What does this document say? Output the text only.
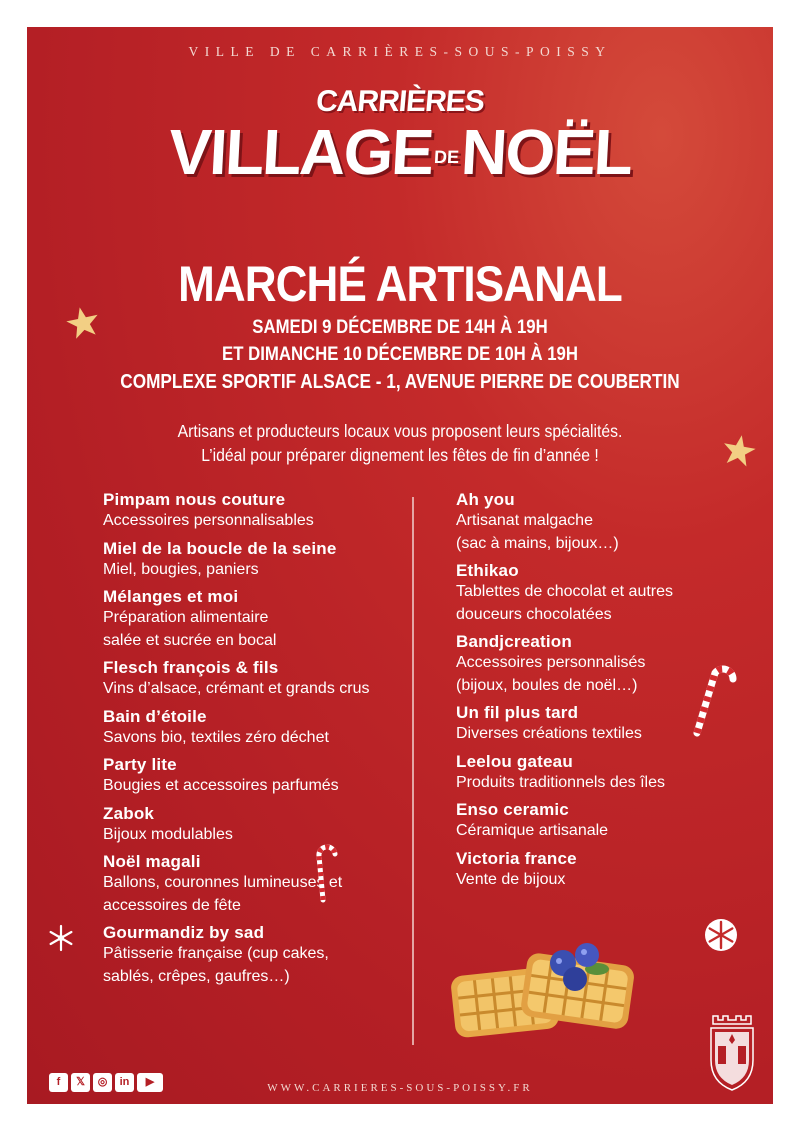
VILLE DE CARRIÈRES-SOUS-POISSY
CARRIÈRES
VILLAGEDENOËL
MARCHÉ ARTISANAL
SAMEDI 9 DÉCEMBRE DE 14H À 19H
ET DIMANCHE 10 DÉCEMBRE DE 10H À 19H
COMPLEXE SPORTIF ALSACE - 1, AVENUE PIERRE DE COUBERTIN
Artisans et producteurs locaux vous proposent leurs spécialités.
L’idéal pour préparer dignement les fêtes de fin d’année !
Pimpam nous couture
Accessoires personnalisables
Miel de la boucle de la seine
Miel, bougies, paniers
Mélanges et moi
Préparation alimentaire
salée et sucrée en bocal
Flesch françois & fils
Vins d’alsace, crémant et grands crus
Bain d’étoile
Savons bio, textiles zéro déchet
Party lite
Bougies et accessoires parfumés
Zabok
Bijoux modulables
Noël magali
Ballons, couronnes lumineuses et
accessoires de fête
Gourmandiz by sad
Pâtisserie française (cup cakes,
sablés, crêpes, gaufres…)
Ah you
Artisanat malgache
(sac à mains, bijoux…)
Ethikao
Tablettes de chocolat et autres
douceurs chocolatées
Bandjcreation
Accessoires personnalisés
(bijoux, boules de noël…)
Un fil plus tard
Diverses créations textiles
Leelou gateau
Produits traditionnels des îles
Enso ceramic
Céramique artisanale
Victoria france
Vente de bijoux
f	𝕏	◎	in	▶	WWW.CARRIERES-SOUS-POISSY.FR
